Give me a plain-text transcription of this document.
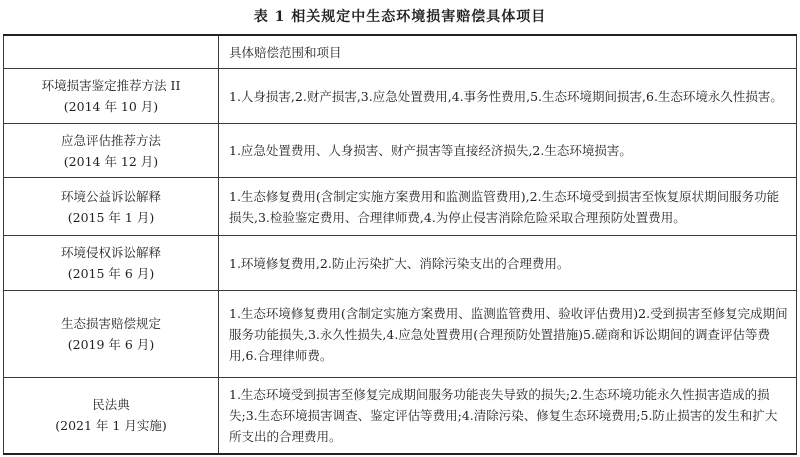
表 1 相关规定中生态环境损害赔偿具体项目
	具体赔偿范围和项目

环境损害鉴定推荐方法 II
(2014 年 10 月)	1.人身损害,2.财产损害,3.应急处置费用,4.事务性费用,5.生态环境期间损害,6.生态环境永久性损害。

应急评估推荐方法
(2014 年 12 月)	1.应急处置费用、人身损害、财产损害等直接经济损失,2.生态环境损害。

环境公益诉讼解释
(2015 年 1 月)	1.生态修复费用(含制定实施方案费用和监测监管费用),2.生态环境受到损害至恢复原状期间服务功能损失,3.检验鉴定费用、合理律师费,4.为停止侵害消除危险采取合理预防处置费用。

环境侵权诉讼解释
(2015 年 6 月)	1.环境修复费用,2.防止污染扩大、消除污染支出的合理费用。

生态损害赔偿规定
(2019 年 6 月)	1.生态环境修复费用(含制定实施方案费用、监测监管费用、验收评估费用)2.受到损害至修复完成期间服务功能损失,3.永久性损失,4.应急处置费用(合理预防处置措施)5.磋商和诉讼期间的调查评估等费用,6.合理律师费。

民法典
(2021 年 1 月实施)	1.生态环境受到损害至修复完成期间服务功能丧失导致的损失;2.生态环境功能永久性损害造成的损失;3.生态环境损害调查、鉴定评估等费用;4.清除污染、修复生态环境费用;5.防止损害的发生和扩大所支出的合理费用。
